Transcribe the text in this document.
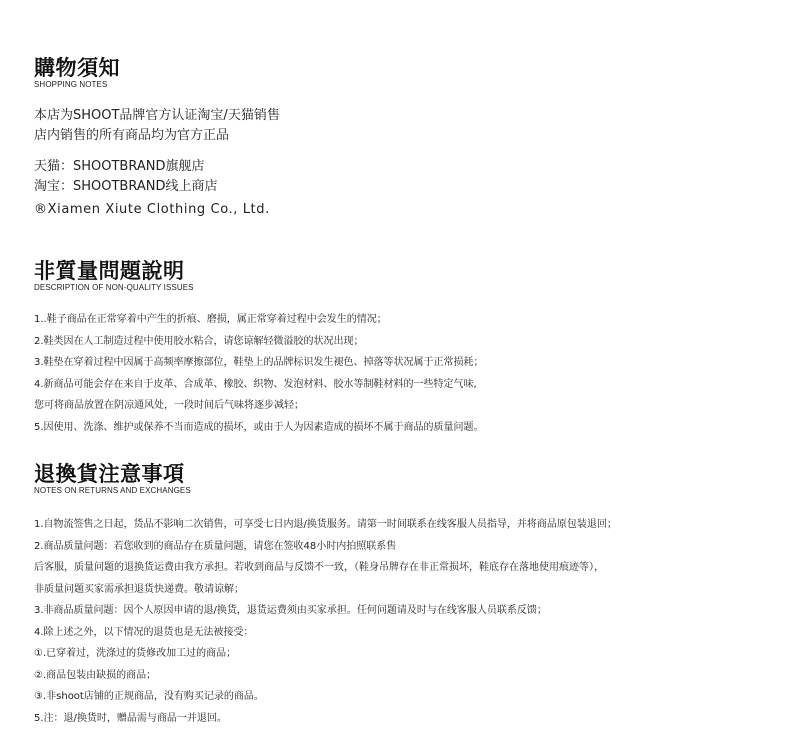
購物須知
SHOPPING NOTES
本店为SHOOT品牌官方认证淘宝/天猫销售
店内销售的所有商品均为官方正品
天猫：SHOOTBRAND旗舰店
淘宝：SHOOTBRAND线上商店
®Xiamen Xiute Clothing Co., Ltd.
非質量問題說明
DESCRIPTION OF NON-QUALITY ISSUES
1..鞋子商品在正常穿着中产生的折痕、磨损，属正常穿着过程中会发生的情况；
2.鞋类因在人工制造过程中使用胶水粘合，请您谅解轻微溢胶的状况出现；
3.鞋垫在穿着过程中因属于高频率摩擦部位，鞋垫上的品牌标识发生褪色、掉落等状况属于正常损耗；
4.新商品可能会存在来自于皮革、合成革、橡胶、织物、发泡材料、胶水等制鞋材料的一些特定气味,
您可将商品放置在阴凉通风处，一段时间后气味将逐步减轻；
5.因使用、洗涤、维护或保养不当而造成的损坏，或由于人为因素造成的损坏不属于商品的质量问题。
退換貨注意事項
NOTES ON RETURNS AND EXCHANGES
1.自物流签售之日起，货品不影响二次销售，可享受七日内退/换货服务。请第一时间联系在线客服人员指导，并将商品原包装退回；
2.商品质量问题：若您收到的商品存在质量问题，请您在签收48小时内拍照联系售
后客服，质量问题的退换货运费由我方承担。若收到商品与反馈不一致，（鞋身吊牌存在非正常损坏，鞋底存在落地使用痕迹等），
非质量问题买家需承担退货快递费。敬请谅解；
3.非商品质量问题：因个人原因申请的退/换货，退货运费须由买家承担。任何问题请及时与在线客服人员联系反馈；
4.除上述之外，以下情况的退货也是无法被接受：
①.已穿着过，洗涤过的货修改加工过的商品；
②.商品包装由缺损的商品；
③.非shoot店铺的正规商品，没有购买记录的商品。
5.注：退/换货时，赠品需与商品一并退回。
